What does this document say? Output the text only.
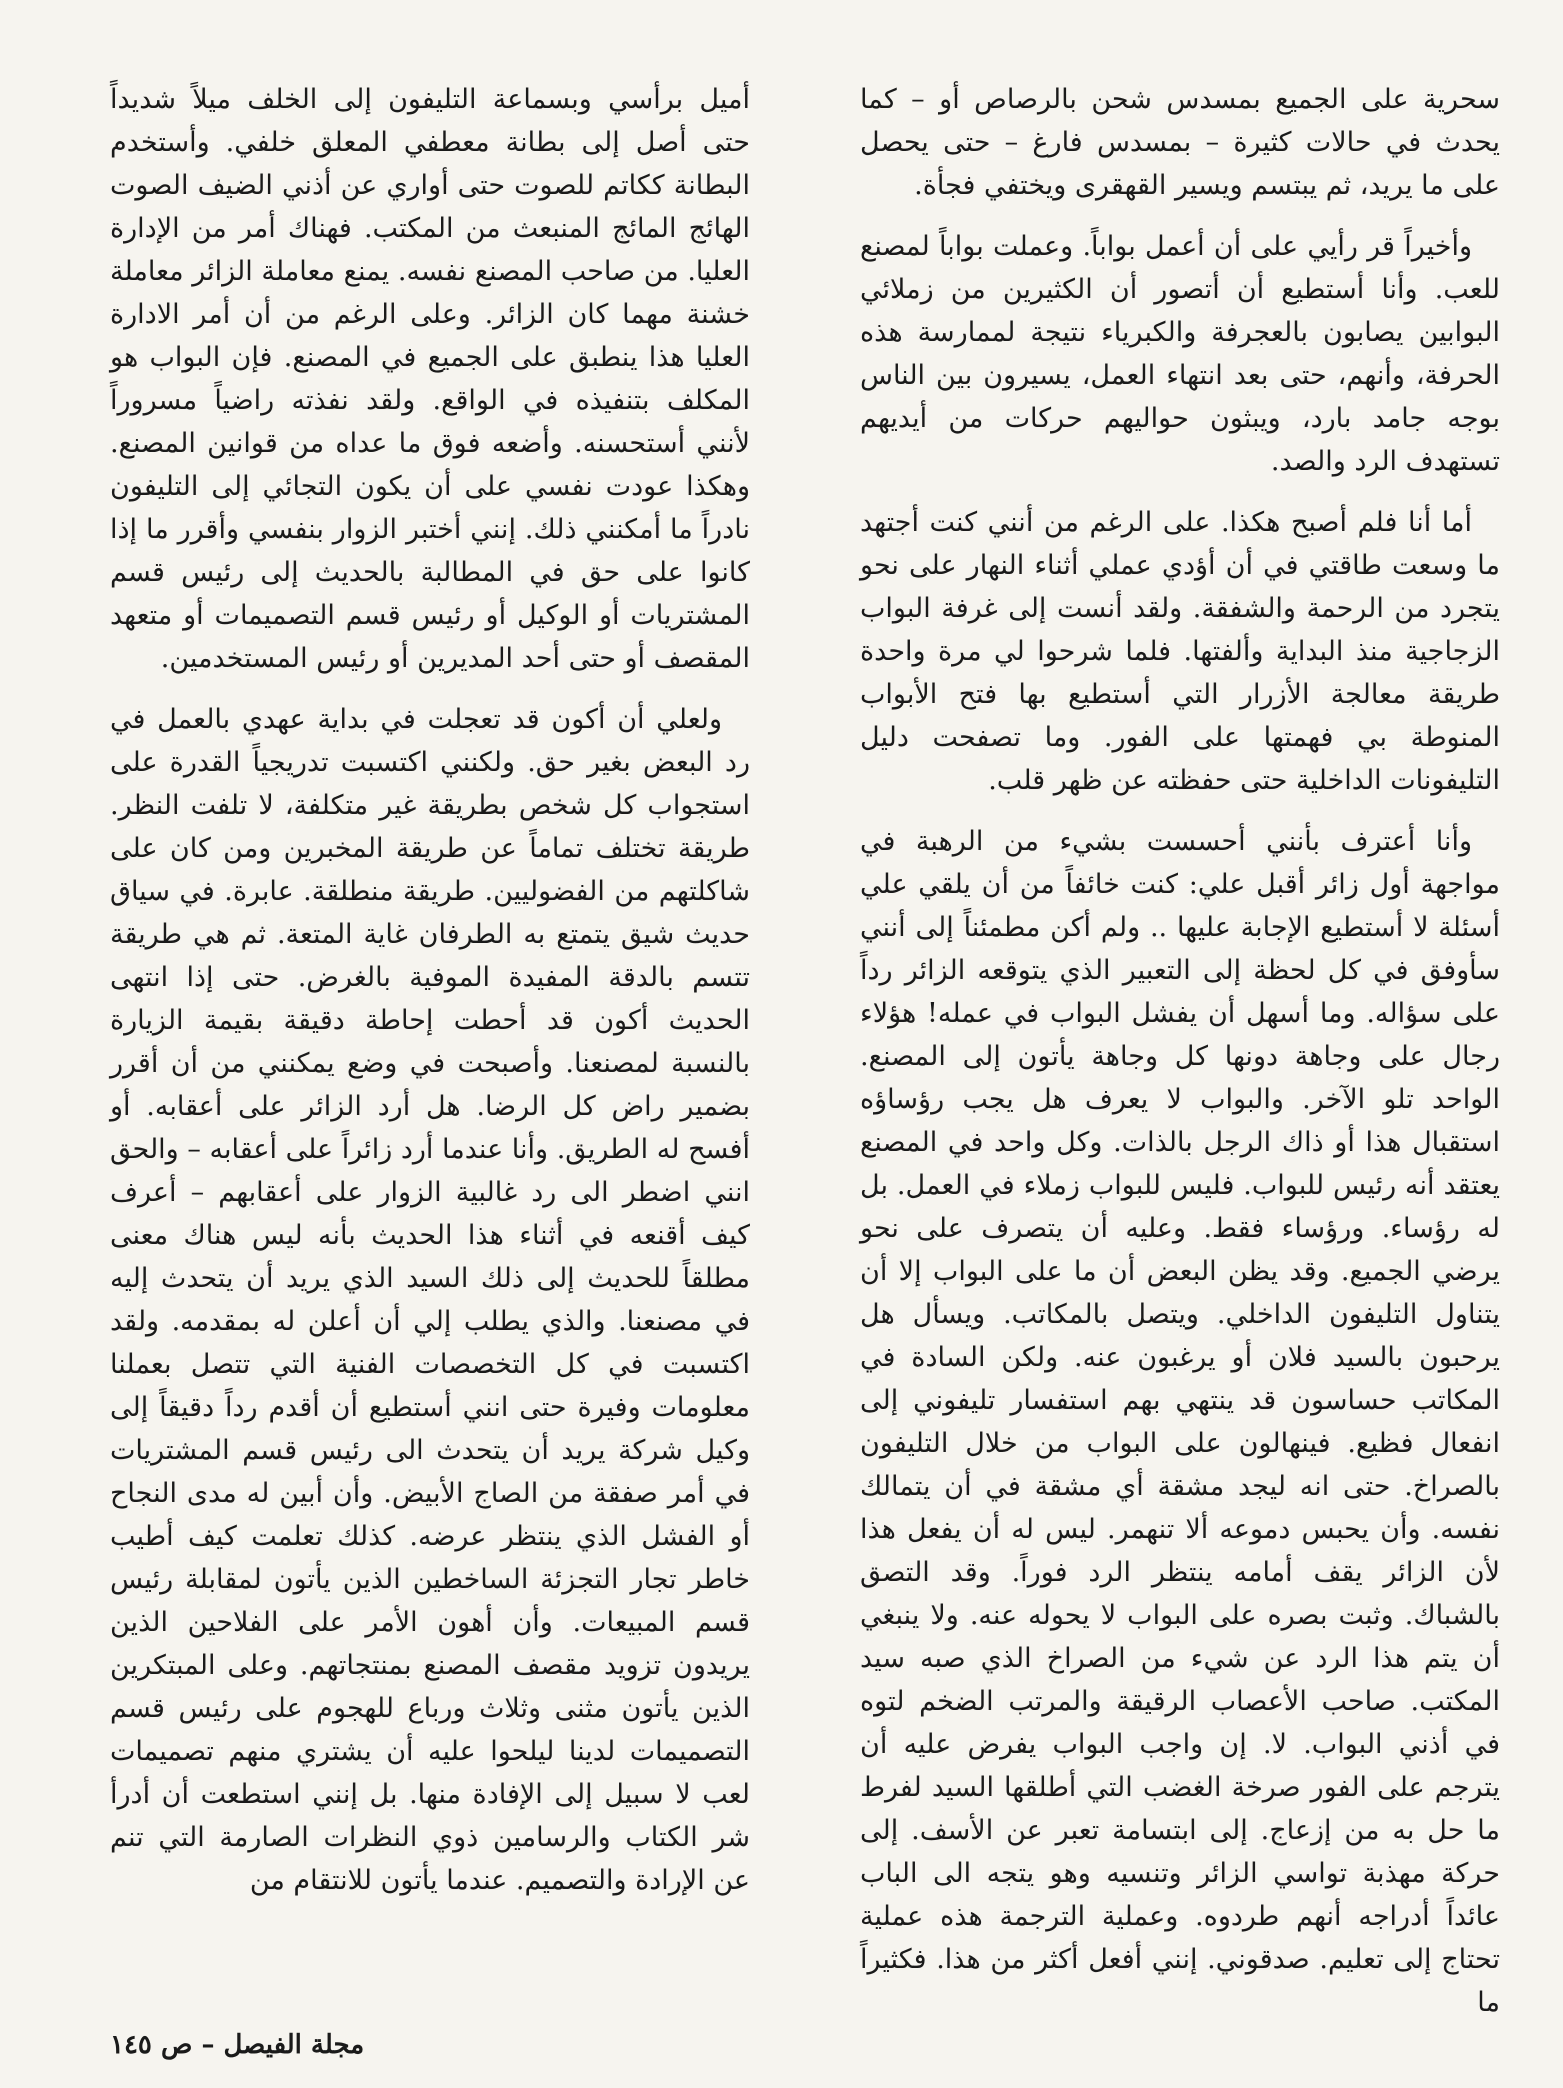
سحرية على الجميع بمسدس شحن بالرصاص أو – كما يحدث في حالات كثيرة – بمسدس فارغ – حتى يحصل على ما يريد، ثم يبتسم ويسير القهقرى ويختفي فجأة.

وأخيراً قر رأيي على أن أعمل بواباً. وعملت بواباً لمصنع للعب. وأنا أستطيع أن أتصور أن الكثيرين من زملائي البوابين يصابون بالعجرفة والكبرياء نتيجة لممارسة هذه الحرفة، وأنهم، حتى بعد انتهاء العمل، يسيرون بين الناس بوجه جامد بارد، ويبثون حواليهم حركات من أيديهم تستهدف الرد والصد.

أما أنا فلم أصبح هكذا. على الرغم من أنني كنت أجتهد ما وسعت طاقتي في أن أؤدي عملي أثناء النهار على نحو يتجرد من الرحمة والشفقة. ولقد أنست إلى غرفة البواب الزجاجية منذ البداية وألفتها. فلما شرحوا لي مرة واحدة طريقة معالجة الأزرار التي أستطيع بها فتح الأبواب المنوطة بي فهمتها على الفور. وما تصفحت دليل التليفونات الداخلية حتى حفظته عن ظهر قلب.

وأنا أعترف بأنني أحسست بشيء من الرهبة في مواجهة أول زائر أقبل علي: كنت خائفاً من أن يلقي علي أسئلة لا أستطيع الإجابة عليها .. ولم أكن مطمئناً إلى أنني سأوفق في كل لحظة إلى التعبير الذي يتوقعه الزائر رداً على سؤاله. وما أسهل أن يفشل البواب في عمله! هؤلاء رجال على وجاهة دونها كل وجاهة يأتون إلى المصنع. الواحد تلو الآخر. والبواب لا يعرف هل يجب رؤساؤه استقبال هذا أو ذاك الرجل بالذات. وكل واحد في المصنع يعتقد أنه رئيس للبواب. فليس للبواب زملاء في العمل. بل له رؤساء. ورؤساء فقط. وعليه أن يتصرف على نحو يرضي الجميع. وقد يظن البعض أن ما على البواب إلا أن يتناول التليفون الداخلي. ويتصل بالمكاتب. ويسأل هل يرحبون بالسيد فلان أو يرغبون عنه. ولكن السادة في المكاتب حساسون قد ينتهي بهم استفسار تليفوني إلى انفعال فظيع. فينهالون على البواب من خلال التليفون بالصراخ. حتى انه ليجد مشقة أي مشقة في أن يتمالك نفسه. وأن يحبس دموعه ألا تنهمر. ليس له أن يفعل هذا لأن الزائر يقف أمامه ينتظر الرد فوراً. وقد التصق بالشباك. وثبت بصره على البواب لا يحوله عنه. ولا ينبغي أن يتم هذا الرد عن شيء من الصراخ الذي صبه سيد المكتب. صاحب الأعصاب الرقيقة والمرتب الضخم لتوه في أذني البواب. لا. إن واجب البواب يفرض عليه أن يترجم على الفور صرخة الغضب التي أطلقها السيد لفرط ما حل به من إزعاج. إلى ابتسامة تعبر عن الأسف. إلى حركة مهذبة تواسي الزائر وتنسيه وهو يتجه الى الباب عائداً أدراجه أنهم طردوه. وعملية الترجمة هذه عملية تحتاج إلى تعليم. صدقوني. إنني أفعل أكثر من هذا. فكثيراً ما

أميل برأسي وبسماعة التليفون إلى الخلف ميلاً شديداً حتى أصل إلى بطانة معطفي المعلق خلفي. وأستخدم البطانة ككاتم للصوت حتى أواري عن أذني الضيف الصوت الهائج المائج المنبعث من المكتب. فهناك أمر من الإدارة العليا. من صاحب المصنع نفسه. يمنع معاملة الزائر معاملة خشنة مهما كان الزائر. وعلى الرغم من أن أمر الادارة العليا هذا ينطبق على الجميع في المصنع. فإن البواب هو المكلف بتنفيذه في الواقع. ولقد نفذته راضياً مسروراً لأنني أستحسنه. وأضعه فوق ما عداه من قوانين المصنع. وهكذا عودت نفسي على أن يكون التجائي إلى التليفون نادراً ما أمكنني ذلك. إنني أختبر الزوار بنفسي وأقرر ما إذا كانوا على حق في المطالبة بالحديث إلى رئيس قسم المشتريات أو الوكيل أو رئيس قسم التصميمات أو متعهد المقصف أو حتى أحد المديرين أو رئيس المستخدمين.

ولعلي أن أكون قد تعجلت في بداية عهدي بالعمل في رد البعض بغير حق. ولكنني اكتسبت تدريجياً القدرة على استجواب كل شخص بطريقة غير متكلفة، لا تلفت النظر. طريقة تختلف تماماً عن طريقة المخبرين ومن كان على شاكلتهم من الفضوليين. طريقة منطلقة. عابرة. في سياق حديث شيق يتمتع به الطرفان غاية المتعة. ثم هي طريقة تتسم بالدقة المفيدة الموفية بالغرض. حتى إذا انتهى الحديث أكون قد أحطت إحاطة دقيقة بقيمة الزيارة بالنسبة لمصنعنا. وأصبحت في وضع يمكنني من أن أقرر بضمير راض كل الرضا. هل أرد الزائر على أعقابه. أو أفسح له الطريق. وأنا عندما أرد زائراً على أعقابه – والحق انني اضطر الى رد غالبية الزوار على أعقابهم – أعرف كيف أقنعه في أثناء هذا الحديث بأنه ليس هناك معنى مطلقاً للحديث إلى ذلك السيد الذي يريد أن يتحدث إليه في مصنعنا. والذي يطلب إلي أن أعلن له بمقدمه. ولقد اكتسبت في كل التخصصات الفنية التي تتصل بعملنا معلومات وفيرة حتى انني أستطيع أن أقدم رداً دقيقاً إلى وكيل شركة يريد أن يتحدث الى رئيس قسم المشتريات في أمر صفقة من الصاج الأبيض. وأن أبين له مدى النجاح أو الفشل الذي ينتظر عرضه. كذلك تعلمت كيف أطيب خاطر تجار التجزئة الساخطين الذين يأتون لمقابلة رئيس قسم المبيعات. وأن أهون الأمر على الفلاحين الذين يريدون تزويد مقصف المصنع بمنتجاتهم. وعلى المبتكرين الذين يأتون مثنى وثلاث ورباع للهجوم على رئيس قسم التصميمات لدينا ليلحوا عليه أن يشتري منهم تصميمات لعب لا سبيل إلى الإفادة منها. بل إنني استطعت أن أدرأ شر الكتاب والرسامين ذوي النظرات الصارمة التي تنم عن الإرادة والتصميم. عندما يأتون للانتقام من

مجلة الفيصل – ص ١٤٥
